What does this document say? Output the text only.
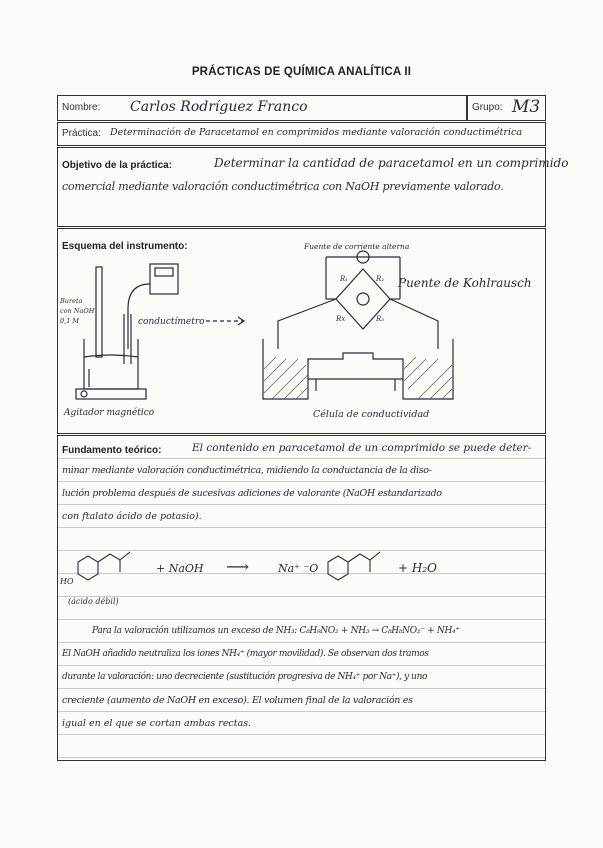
PRÁCTICAS DE QUÍMICA ANALÍTICA II
Nombre: Carlos Rodríguez Franco	Grupo: M3
Práctica: Determinación de Paracetamol en comprimidos mediante valoración conductimétrica
Objetivo de la práctica:	Determinar la cantidad de paracetamol en un comprimido
comercial mediante valoración conductimétrica con NaOH previamente valorado.
Esquema del instrumento:	Fuente de corriente alterna
Puente de Kohlrausch
Bureta
con NaOH
0,1 M	conductímetro
Agitador magnético	Célula de conductividad
R₁	R₂
R₃
Rx
Fundamento teórico:	El contenido en paracetamol de un comprimido se puede deter-
minar mediante valoración conductimétrica, midiendo la conductancia de la diso-
lución problema después de sucesivas adiciones de valorante (NaOH estandarizado
con ftalato ácido de potasio).
HO
(ácido débil)
+ NaOH ⟶	Na⁺ ⁻O	+ H₂O
Para la valoración utilizamos un exceso de NH₃: C₈H₉NO₂ + NH₃ → C₈H₈NO₂⁻ + NH₄⁺
El NaOH añadido neutraliza los iones NH₄⁺ (mayor movilidad). Se observan dos tramos
durante la valoración: uno decreciente (sustitución progresiva de NH₄⁺ por Na⁺), y uno
creciente (aumento de NaOH en exceso). El volumen final de la valoración es
igual en el que se cortan ambas rectas.
